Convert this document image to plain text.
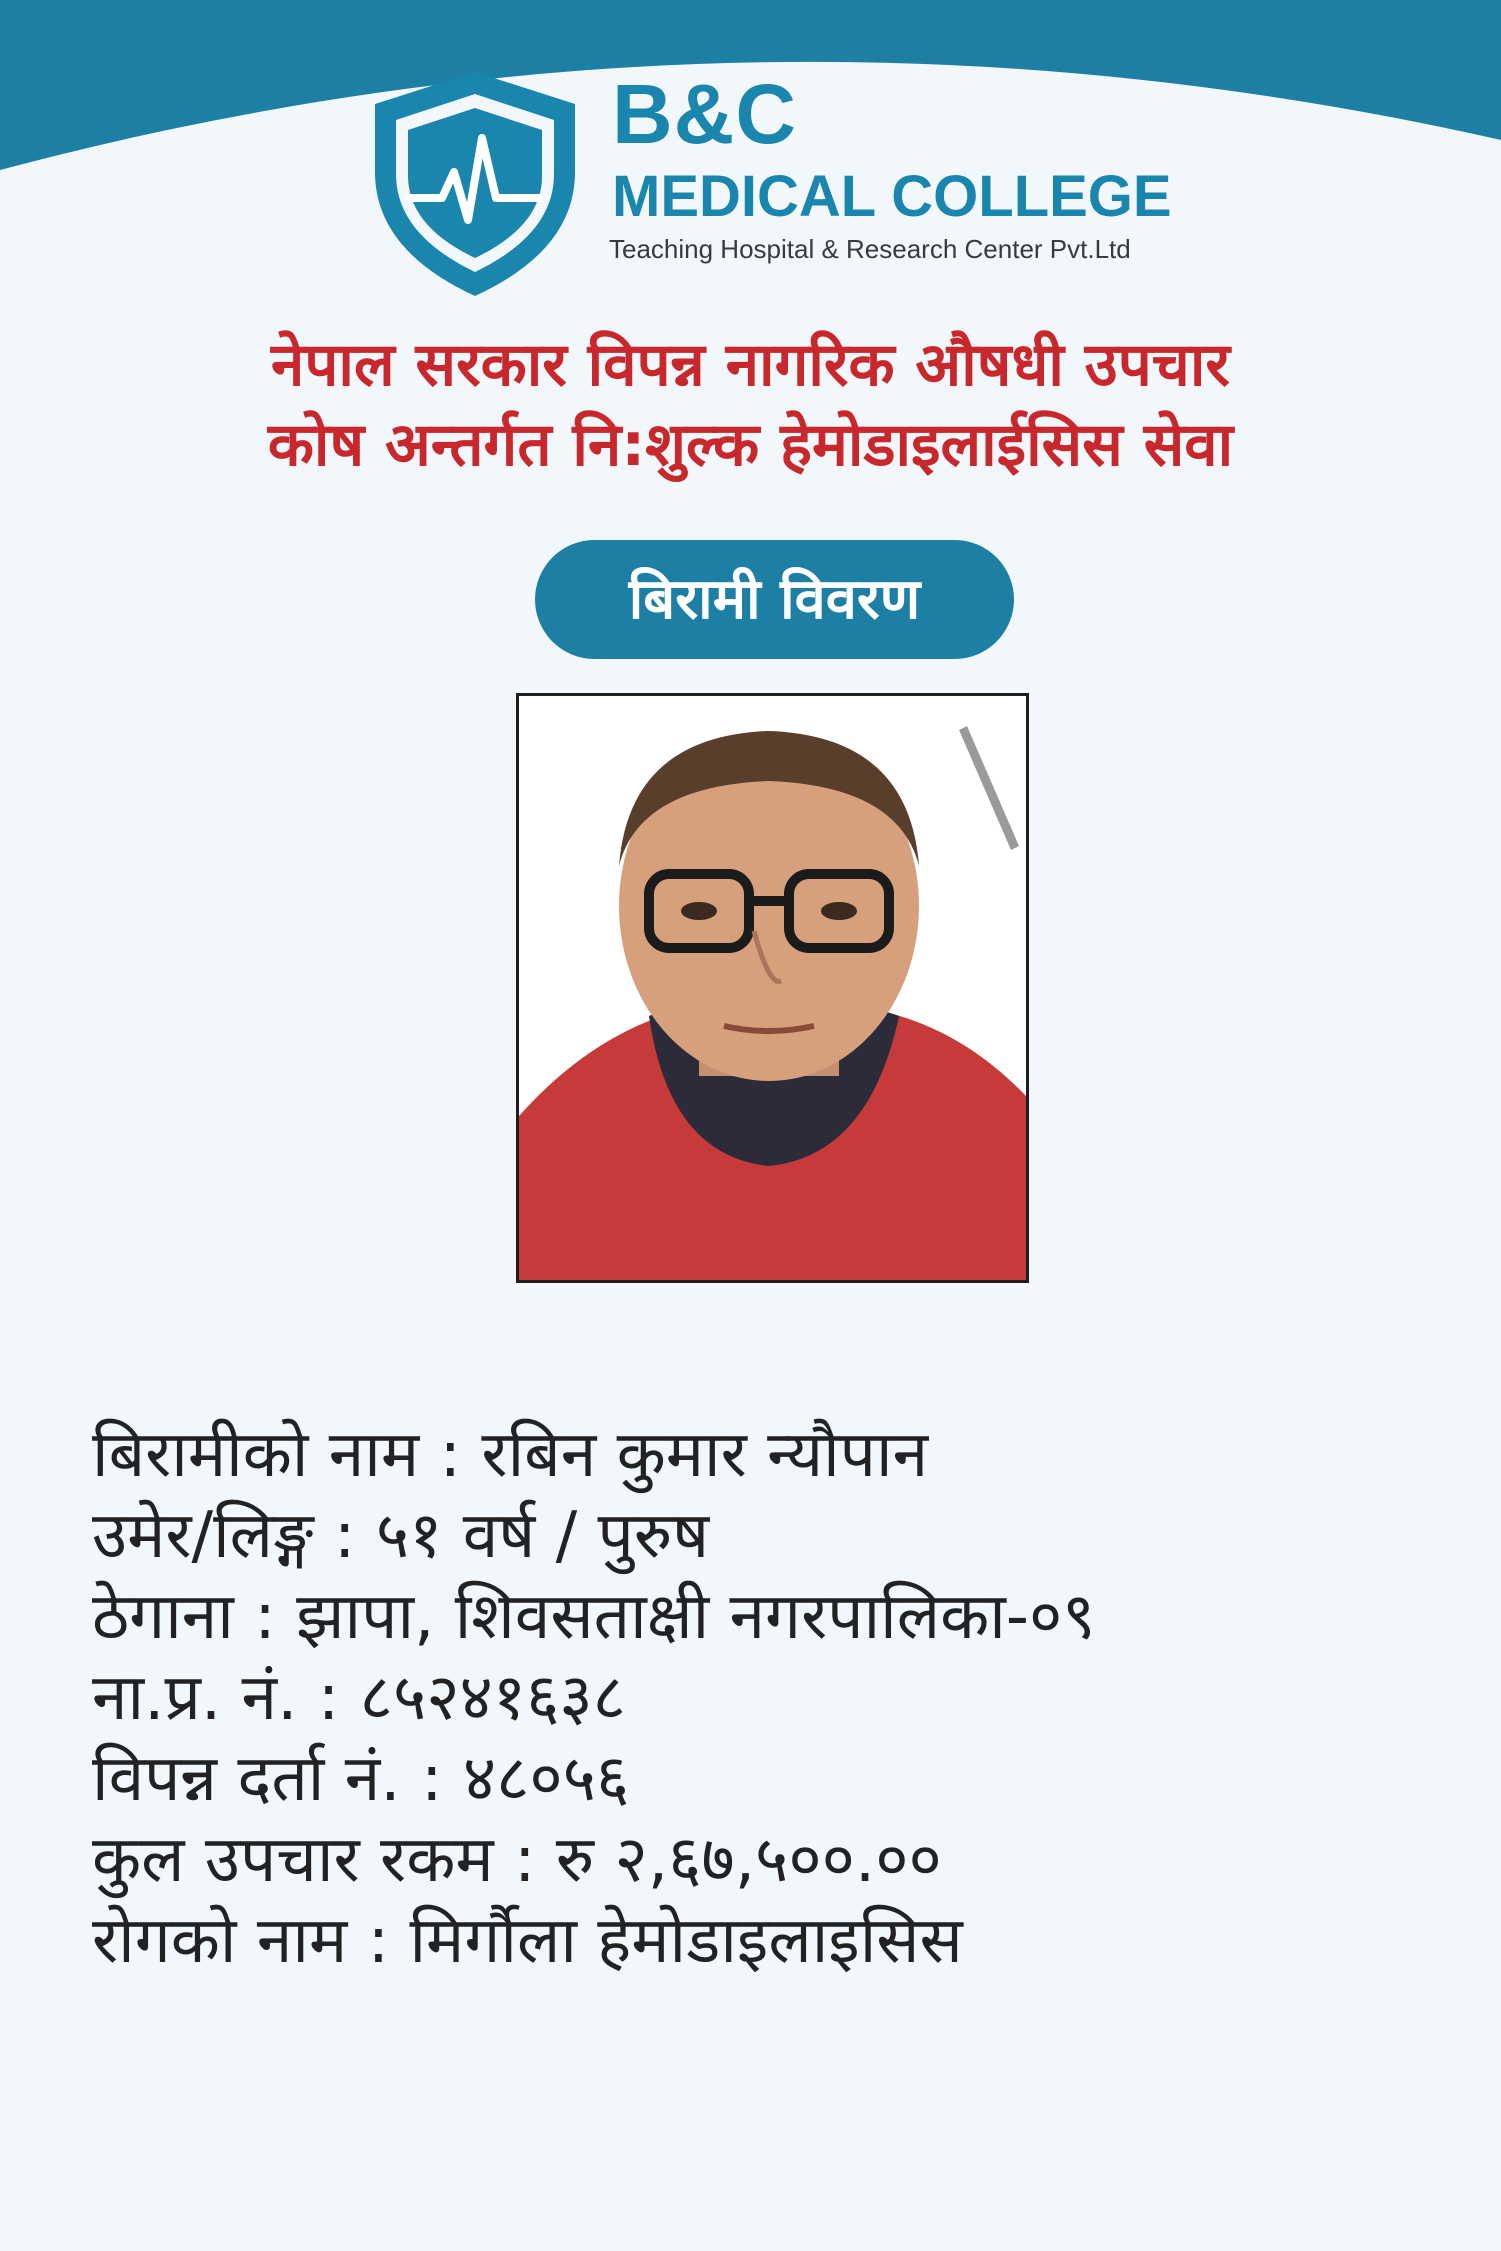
B&C
MEDICAL COLLEGE
Teaching Hospital & Research Center Pvt.Ltd
नेपाल सरकार विपन्न नागरिक औषधी उपचार
कोष अन्तर्गत नि:शुल्क हेमोडाइलाईसिस सेवा
बिरामी विवरण
बिरामीको नाम : रबिन कुमार न्यौपान
उमेर/लिङ्ग : ५१ वर्ष / पुरुष
ठेगाना : झापा, शिवसताक्षी नगरपालिका-०९
ना.प्र. नं. : ८५२४१६३८
विपन्न दर्ता नं. : ४८०५६
कुल उपचार रकम : रु २,६७,५००.००
रोगको नाम : मिर्गौला हेमोडाइलाइसिस
